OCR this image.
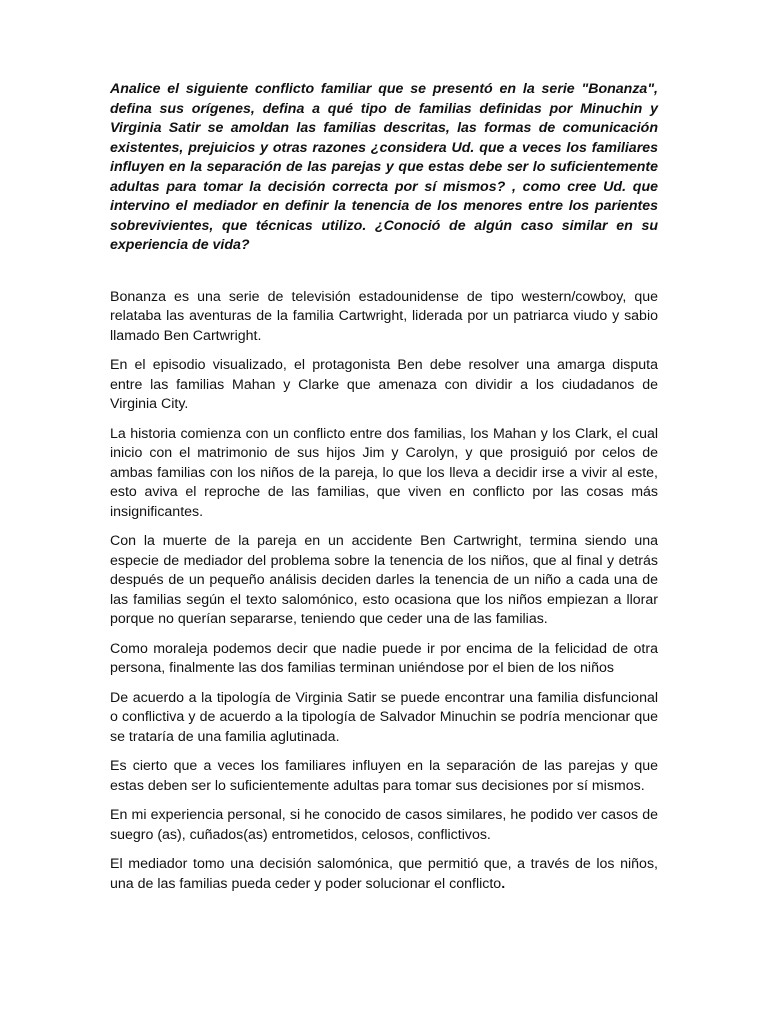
Analice el siguiente conflicto familiar que se presentó en la serie "Bonanza", defina sus orígenes, defina a qué tipo de familias definidas por Minuchin y Virginia Satir se amoldan las familias descritas, las formas de comunicación existentes, prejuicios y otras razones ¿considera Ud. que a veces los familiares influyen en la separación de las parejas y que estas debe ser lo suficientemente adultas para tomar la decisión correcta por sí mismos? , como cree Ud. que intervino el mediador en definir la tenencia de los menores entre los parientes sobrevivientes, que técnicas utilizo. ¿Conoció de algún caso similar en su experiencia de vida?

Bonanza es una serie de televisión estadounidense de tipo western/cowboy, que relataba las aventuras de la familia Cartwright, liderada por un patriarca viudo y sabio llamado Ben Cartwright.

En el episodio visualizado, el protagonista Ben debe resolver una amarga disputa entre las familias Mahan y Clarke que amenaza con dividir a los ciudadanos de Virginia City.

La historia comienza con un conflicto entre dos familias, los Mahan y los Clark, el cual inicio con el matrimonio de sus hijos Jim y Carolyn, y que prosiguió por celos de ambas familias con los niños de la pareja, lo que los lleva a decidir irse a vivir al este, esto aviva el reproche de las familias, que viven en conflicto por las cosas más insignificantes.

Con la muerte de la pareja en un accidente Ben Cartwright, termina siendo una especie de mediador del problema sobre la tenencia de los niños, que al final y detrás después de un pequeño análisis deciden darles la tenencia de un niño a cada una de las familias según el texto salomónico, esto ocasiona que los niños empiezan a llorar porque no querían separarse, teniendo que ceder una de las familias.

Como moraleja podemos decir que nadie puede ir por encima de la felicidad de otra persona, finalmente las dos familias terminan uniéndose por el bien de los niños

De acuerdo a la tipología de Virginia Satir se puede encontrar una familia disfuncional o conflictiva y de acuerdo a la tipología de Salvador Minuchin se podría mencionar que se trataría de una familia aglutinada.

Es cierto que a veces los familiares influyen en la separación de las parejas y que estas deben ser lo suficientemente adultas para tomar sus decisiones por sí mismos.

En mi experiencia personal, si he conocido de casos similares, he podido ver casos de suegro (as), cuñados(as) entrometidos, celosos, conflictivos.

El mediador tomo una decisión salomónica, que permitió que, a través de los niños, una de las familias pueda ceder y poder solucionar el conflicto.
